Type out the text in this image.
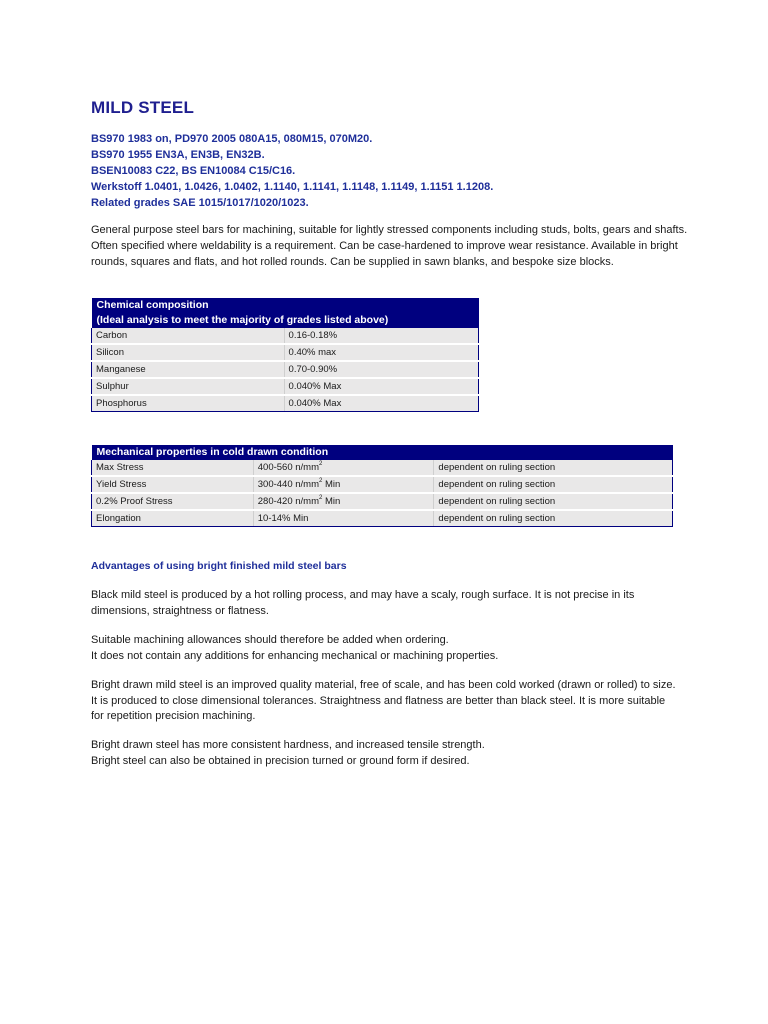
MILD STEEL
BS970 1983 on, PD970 2005 080A15, 080M15, 070M20.
BS970 1955 EN3A, EN3B, EN32B.
BSEN10083 C22, BS EN10084 C15/C16.
Werkstoff 1.0401, 1.0426, 1.0402, 1.1140, 1.1141, 1.1148, 1.1149, 1.1151 1.1208.
Related grades SAE 1015/1017/1020/1023.

General purpose steel bars for machining, suitable for lightly stressed components including studs, bolts, gears and shafts. Often specified where weldability is a requirement. Can be case-hardened to improve wear resistance. Available in bright rounds, squares and flats, and hot rolled rounds. Can be supplied in sawn blanks, and bespoke size blocks.

Chemical composition	
(Ideal analysis to meet the majority of grades listed above)	
Carbon	0.16-0.18%
Silicon	0.40% max
Manganese	0.70-0.90%
Sulphur	0.040% Max
Phosphorus	0.040% Max
Mechanical properties in cold drawn condition		
Max Stress	400-560 $n/mm^2$	dependent on ruling section
Yield Stress	300-440 $n/mm^2$ Min	dependent on ruling section
0.2% Proof Stress	280-420 $n/mm^2$ Min	dependent on ruling section
Elongation	10-14% Min	dependent on ruling section
Advantages of using bright finished mild steel bars

Black mild steel is produced by a hot rolling process, and may have a scaly, rough surface. It is not precise in its dimensions, straightness or flatness.

Suitable machining allowances should therefore be added when ordering.
It does not contain any additions for enhancing mechanical or machining properties.

Bright drawn mild steel is an improved quality material, free of scale, and has been cold worked (drawn or rolled) to size. It is produced to close dimensional tolerances. Straightness and flatness are better than black steel. It is more suitable for repetition precision machining.

Bright drawn steel has more consistent hardness, and increased tensile strength.
Bright steel can also be obtained in precision turned or ground form if desired.
